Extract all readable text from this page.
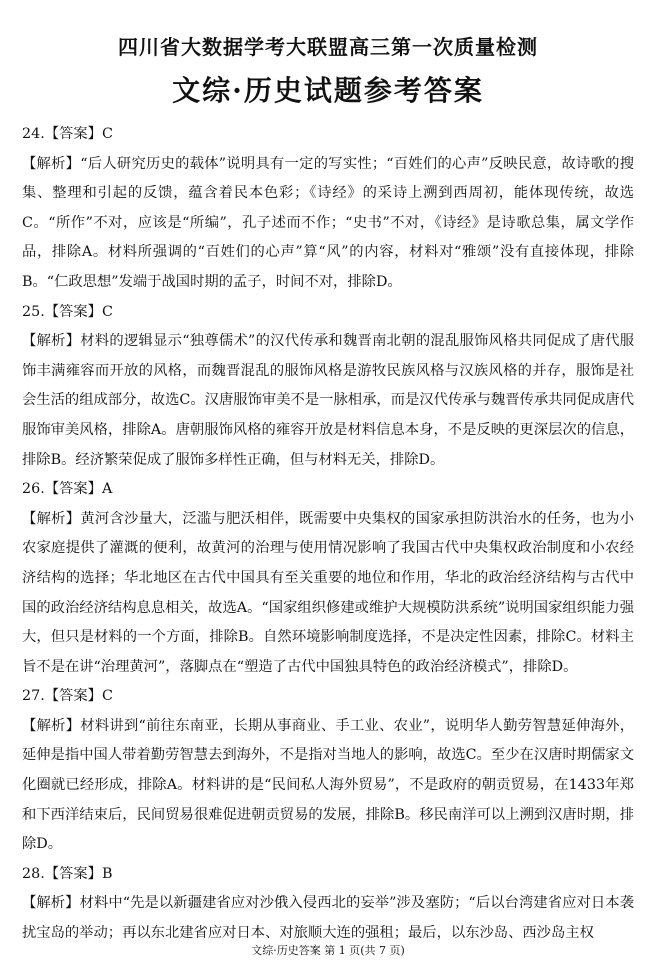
四川省大数据学考大联盟高三第一次质量检测
文综·历史试题参考答案
24.【答案】C
【解析】“后人研究历史的载体”说明具有一定的写实性；“百姓们的心声”反映民意，故诗歌的搜集、整理和引起的反馈，蕴含着民本色彩；《诗经》的采诗上溯到西周初，能体现传统，故选C。“所作”不对，应该是“所编”，孔子述而不作；“史书”不对，《诗经》是诗歌总集，属文学作品，排除A。材料所强调的“百姓们的心声”算“风”的内容，材料对“雅颂”没有直接体现，排除B。“仁政思想”发端于战国时期的孟子，时间不对，排除D。
25.【答案】C
【解析】材料的逻辑显示“独尊儒术”的汉代传承和魏晋南北朝的混乱服饰风格共同促成了唐代服饰丰满雍容而开放的风格，而魏晋混乱的服饰风格是游牧民族风格与汉族风格的并存，服饰是社会生活的组成部分，故选C。汉唐服饰审美不是一脉相承，而是汉代传承与魏晋传承共同促成唐代服饰审美风格，排除A。唐朝服饰风格的雍容开放是材料信息本身，不是反映的更深层次的信息，排除B。经济繁荣促成了服饰多样性正确，但与材料无关，排除D。
26.【答案】A
【解析】黄河含沙量大，泛滥与肥沃相伴，既需要中央集权的国家承担防洪治水的任务，也为小农家庭提供了灌溉的便利，故黄河的治理与使用情况影响了我国古代中央集权政治制度和小农经济结构的选择；华北地区在古代中国具有至关重要的地位和作用，华北的政治经济结构与古代中国的政治经济结构息息相关，故选A。“国家组织修建或维护大规模防洪系统”说明国家组织能力强大，但只是材料的一个方面，排除B。自然环境影响制度选择，不是决定性因素，排除C。材料主旨不是在讲“治理黄河”，落脚点在“塑造了古代中国独具特色的政治经济模式”，排除D。
27.【答案】C
【解析】材料讲到“前往东南亚，长期从事商业、手工业、农业”，说明华人勤劳智慧延伸海外，延伸是指中国人带着勤劳智慧去到海外，不是指对当地人的影响，故选C。至少在汉唐时期儒家文化圈就已经形成，排除A。材料讲的是“民间私人海外贸易”，不是政府的朝贡贸易，在1433年郑和下西洋结束后，民间贸易很难促进朝贡贸易的发展，排除B。移民南洋可以上溯到汉唐时期，排除D。
28.【答案】B
【解析】材料中“先是以新疆建省应对沙俄入侵西北的妄举”涉及塞防；“后以台湾建省应对日本袭扰宝岛的举动；再以东北建省应对日本、对旅顺大连的强租；最后，以东沙岛、西沙岛主权
文综·历史答案 第 1 页(共 7 页)
